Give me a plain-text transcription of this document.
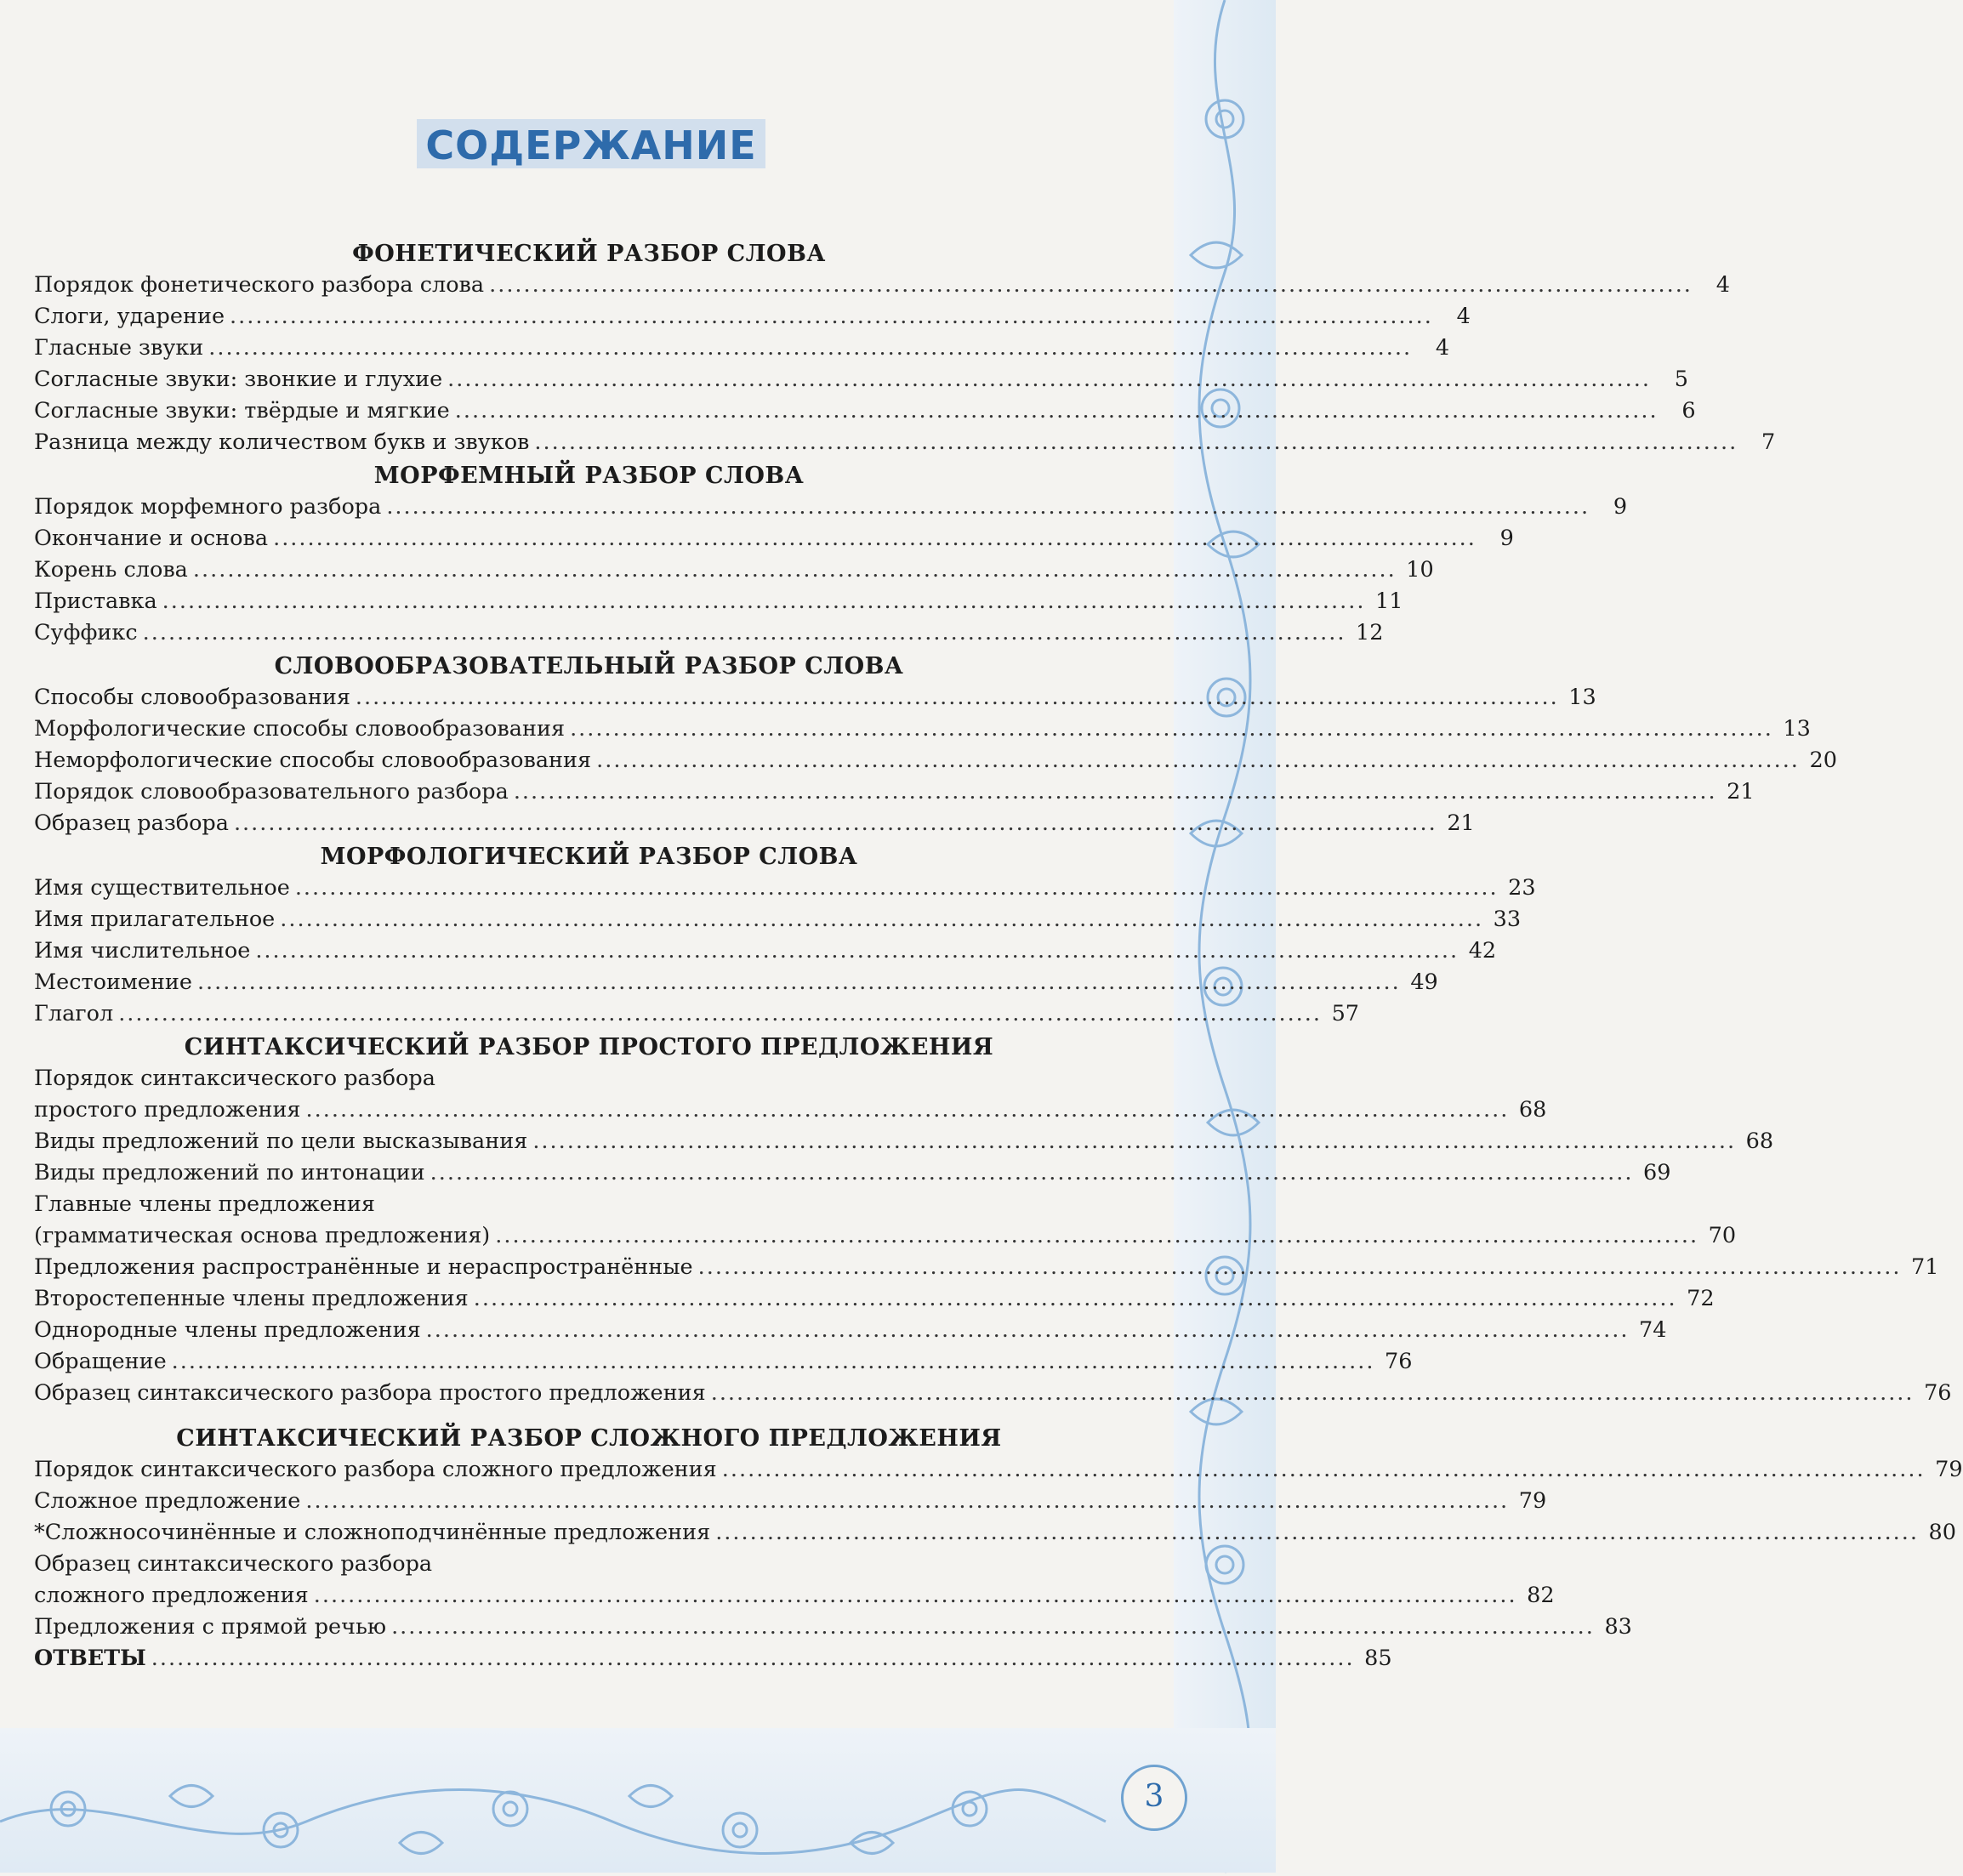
СОДЕРЖАНИЕ
ФОНЕТИЧЕСКИЙ РАЗБОР СЛОВА
Порядок фонетического разбора слова ............................................................................................................................................	4
Слоги, ударение ............................................................................................................................................	4
Гласные звуки ............................................................................................................................................	4
Согласные звуки: звонкие и глухие ............................................................................................................................................	5
Согласные звуки: твёрдые и мягкие ............................................................................................................................................	6
Разница между количеством букв и звуков ............................................................................................................................................	7
МОРФЕМНЫЙ РАЗБОР СЛОВА
Порядок морфемного разбора ............................................................................................................................................	9
Окончание и основа ............................................................................................................................................	9
Корень слова ............................................................................................................................................ 10
Приставка ............................................................................................................................................ 11
Суффикс ............................................................................................................................................ 12
СЛОВООБРАЗОВАТЕЛЬНЫЙ РАЗБОР СЛОВА
Способы словообразования ............................................................................................................................................ 13
Морфологические способы словообразования ............................................................................................................................................ 13
Неморфологические способы словообразования ............................................................................................................................................ 20
Порядок словообразовательного разбора ............................................................................................................................................ 21
Образец разбора ............................................................................................................................................ 21
МОРФОЛОГИЧЕСКИЙ РАЗБОР СЛОВА
Имя существительное ............................................................................................................................................ 23
Имя прилагательное ............................................................................................................................................ 33
Имя числительное ............................................................................................................................................ 42
Местоимение ............................................................................................................................................ 49
Глагол ............................................................................................................................................ 57
СИНТАКСИЧЕСКИЙ РАЗБОР ПРОСТОГО ПРЕДЛОЖЕНИЯ
Порядок синтаксического разбора
простого предложения ............................................................................................................................................ 68
Виды предложений по цели высказывания ............................................................................................................................................ 68
Виды предложений по интонации ............................................................................................................................................ 69
Главные члены предложения
(грамматическая основа предложения) ............................................................................................................................................ 70
Предложения распространённые и нераспространённые ............................................................................................................................................ 71
Второстепенные члены предложения ............................................................................................................................................ 72
Однородные члены предложения ............................................................................................................................................ 74
Обращение ............................................................................................................................................ 76
Образец синтаксического разбора простого предложения ............................................................................................................................................ 76
СИНТАКСИЧЕСКИЙ РАЗБОР СЛОЖНОГО ПРЕДЛОЖЕНИЯ
Порядок синтаксического разбора сложного предложения ............................................................................................................................................ 79
Сложное предложение ............................................................................................................................................ 79
*Сложносочинённые и сложноподчинённые предложения ............................................................................................................................................ 80
Образец синтаксического разбора
сложного предложения ............................................................................................................................................ 82
Предложения с прямой речью ............................................................................................................................................ 83
ОТВЕТЫ ............................................................................................................................................ 85
3
